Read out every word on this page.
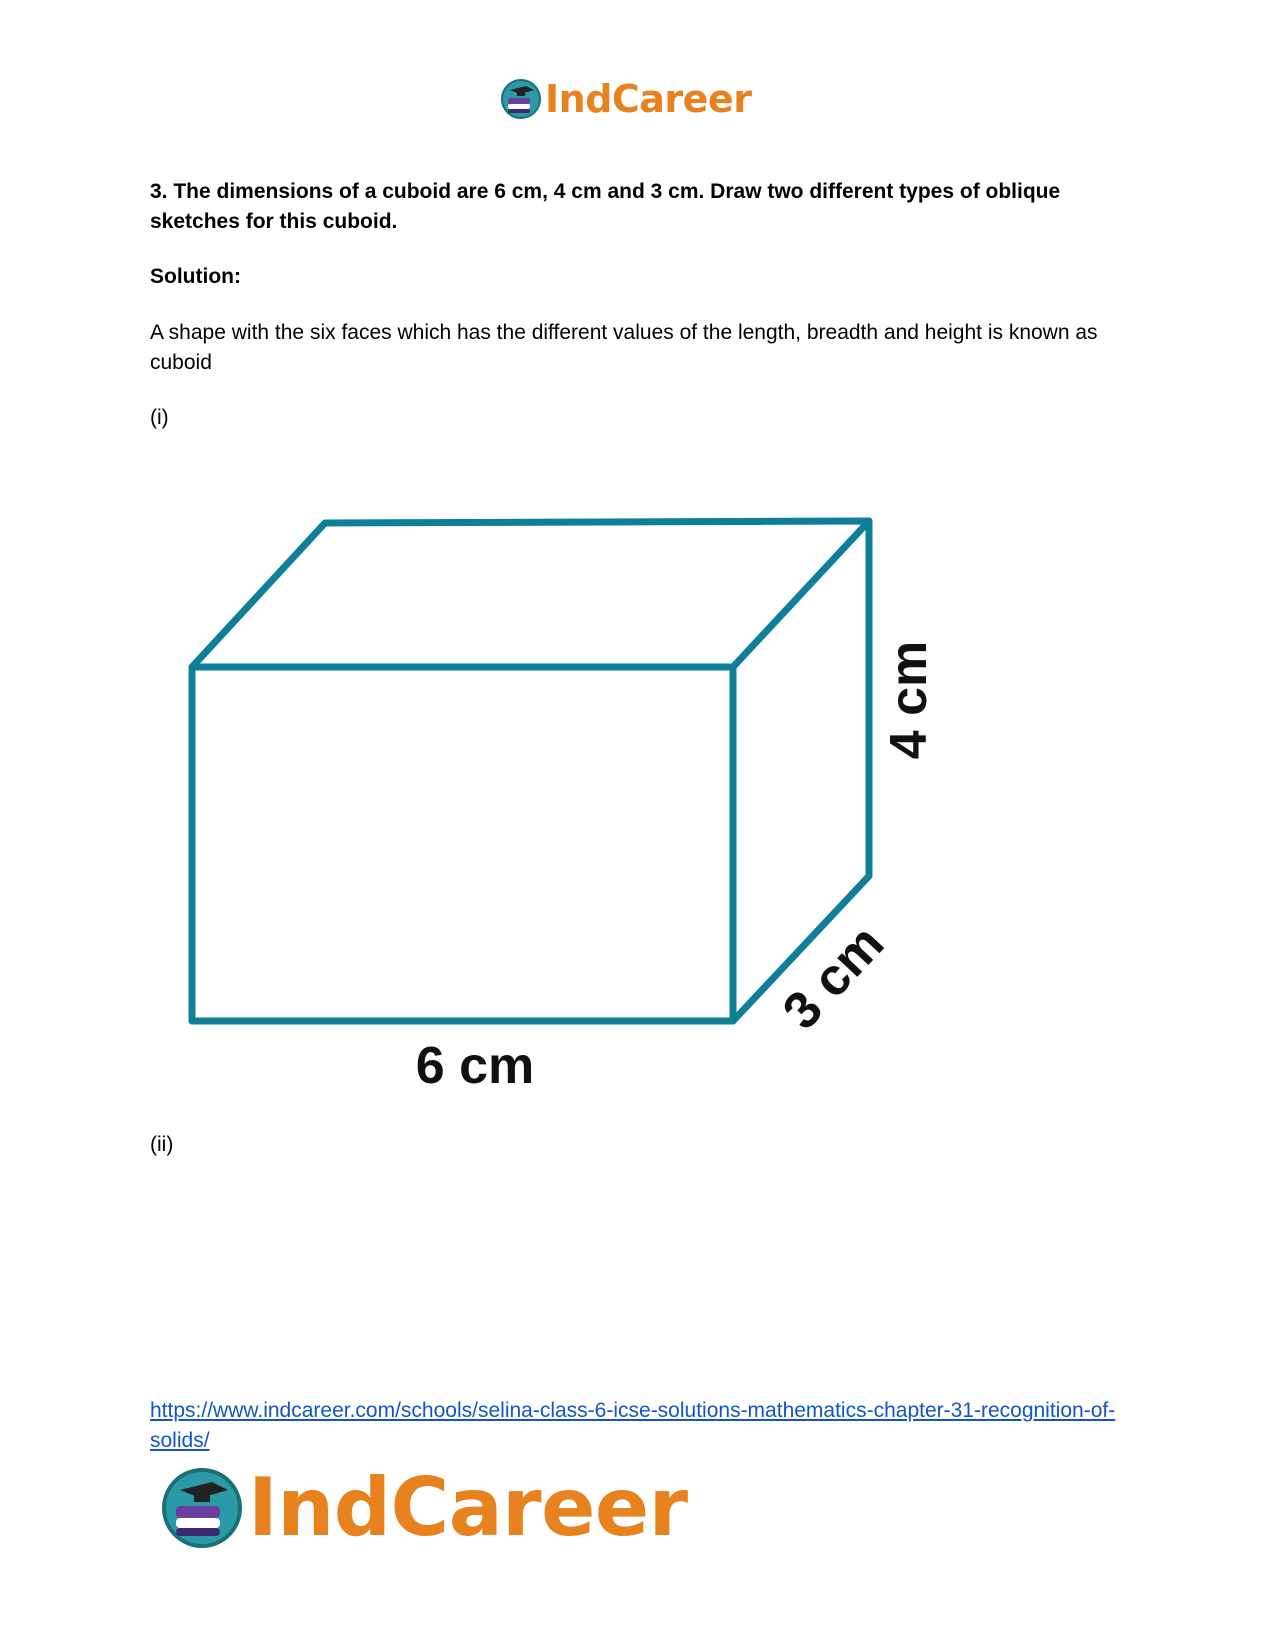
IndCareer
3. The dimensions of a cuboid are 6 cm, 4 cm and 3 cm. Draw two different types of oblique sketches for this cuboid.
Solution:
A shape with the six faces which has the different values of the length, breadth and height is known as cuboid
(i)
6 cm
4 cm
3 cm
(ii)
https://www.indcareer.com/schools/selina-class-6-icse-solutions-mathematics-chapter-31-recognition-of-solids/
IndCareer
